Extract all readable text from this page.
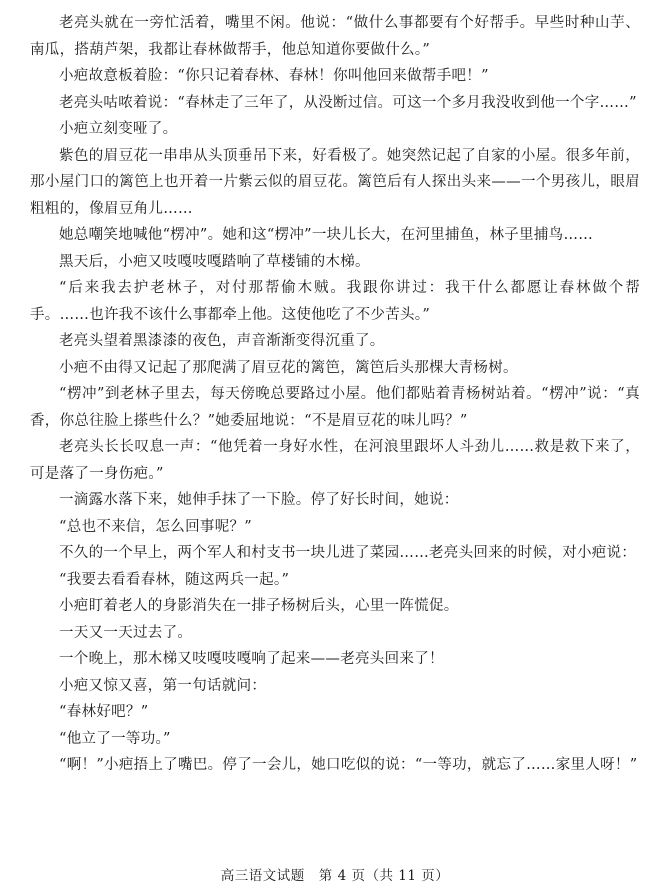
老亮头就在一旁忙活着，嘴里不闲。他说：“做什么事都要有个好帮手。早些时种山芋、南瓜，搭葫芦架，我都让春林做帮手，他总知道你要做什么。”

小疤故意板着脸：“你只记着春林、春林！你叫他回来做帮手吧！”

老亮头咕哝着说：“春林走了三年了，从没断过信。可这一个多月我没收到他一个字……”

小疤立刻变哑了。

紫色的眉豆花一串串从头顶垂吊下来，好看极了。她突然记起了自家的小屋。很多年前，那小屋门口的篱笆上也开着一片紫云似的眉豆花。篱笆后有人探出头来——一个男孩儿，眼眉粗粗的，像眉豆角儿……

她总嘲笑地喊他“楞冲”。她和这“楞冲”一块儿长大，在河里捕鱼，林子里捕鸟……

黑天后，小疤又吱嘎吱嘎踏响了草楼铺的木梯。

“后来我去护老林子，对付那帮偷木贼。我跟你讲过：我干什么都愿让春林做个帮手。……也许我不该什么事都牵上他。这使他吃了不少苦头。”

老亮头望着黑漆漆的夜色，声音渐渐变得沉重了。

小疤不由得又记起了那爬满了眉豆花的篱笆，篱笆后头那棵大青杨树。

“楞冲”到老林子里去，每天傍晚总要路过小屋。他们都贴着青杨树站着。“楞冲”说：“真香，你总往脸上搽些什么？”她委屈地说：“不是眉豆花的味儿吗？”

老亮头长长叹息一声：“他凭着一身好水性，在河浪里跟坏人斗劲儿……救是救下来了，可是落了一身伤疤。”

一滴露水落下来，她伸手抹了一下脸。停了好长时间，她说：

“总也不来信，怎么回事呢？”

不久的一个早上，两个军人和村支书一块儿进了菜园……老亮头回来的时候，对小疤说：

“我要去看看春林，随这两兵一起。”

小疤盯着老人的身影消失在一排子杨树后头，心里一阵慌促。

一天又一天过去了。

一个晚上，那木梯又吱嘎吱嘎响了起来——老亮头回来了！

小疤又惊又喜，第一句话就问：

“春林好吧？”

“他立了一等功。”

“啊！”小疤捂上了嘴巴。停了一会儿，她口吃似的说：“一等功，就忘了……家里人呀！”

高三语文试题　第 4 页（共 11 页）
